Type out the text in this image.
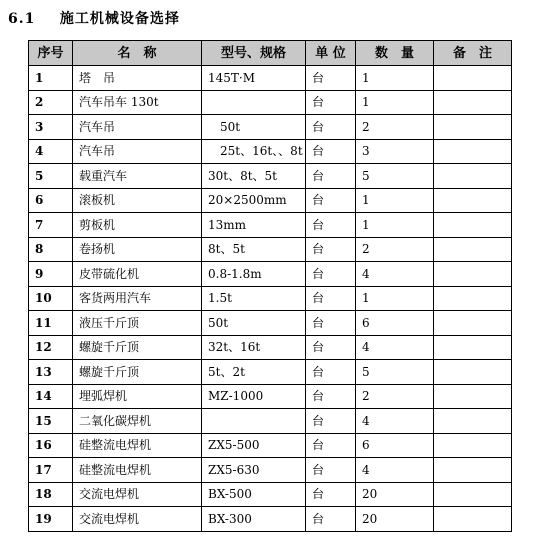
6.1 施工机械设备选择
序号	名　称	型号、规格	单 位	数　量	备　注
1	塔　吊	145T·M	台	1	
2	汽车吊车 130t		台	1	
3	汽车吊	　50t	台	2	
4	汽车吊	　25t、16t、、8t	台	3	
5	载重汽车	30t、8t、5t	台	5	
6	滚板机	20×2500mm	台	1	
7	剪板机	13mm	台	1	
8	卷扬机	8t、5t	台	2	
9	皮带硫化机	0.8-1.8m	台	4	
10	客货两用汽车	1.5t	台	1	
11	液压千斤顶	50t	台	6	
12	螺旋千斤顶	32t、16t	台	4	
13	螺旋千斤顶	5t、2t	台	5	
14	埋弧焊机	MZ-1000	台	2	
15	二氧化碳焊机		台	4	
16	硅整流电焊机	ZX5-500	台	6	
17	硅整流电焊机	ZX5-630	台	4	
18	交流电焊机	BX-500	台	20	
19	交流电焊机	BX-300	台	20	
